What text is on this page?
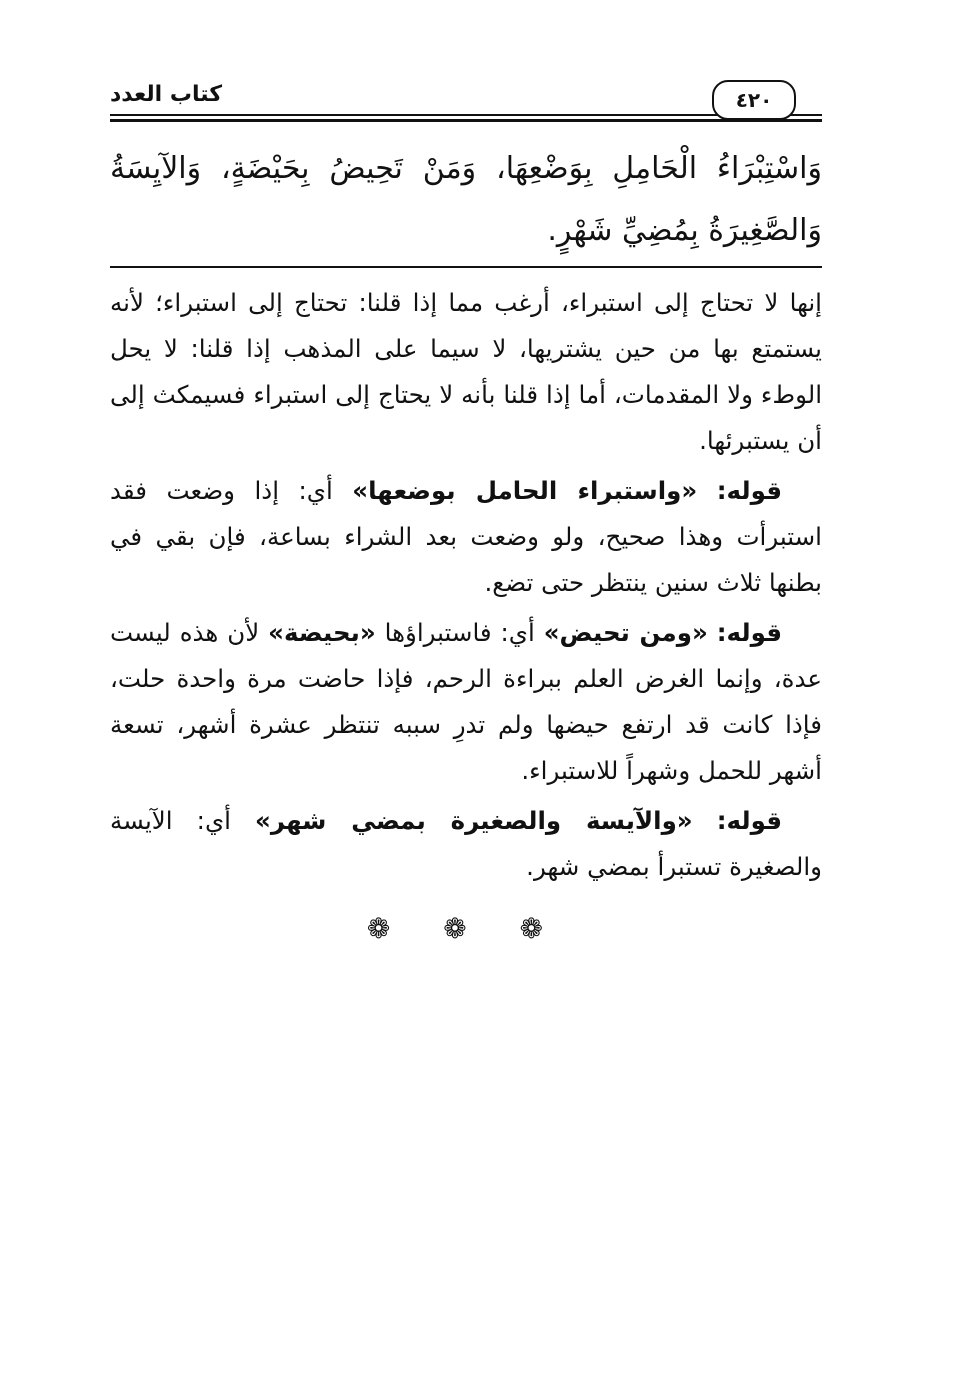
كتاب العدد	٤٢٠
وَاسْتِبْرَاءُ الْحَامِلِ بِوَضْعِهَا، وَمَنْ تَحِيضُ بِحَيْضَةٍ، وَالآيِسَةُ وَالصَّغِيرَةُ بِمُضِيِّ شَهْرٍ.

إنها لا تحتاج إلى استبراء، أرغب مما إذا قلنا: تحتاج إلى استبراء؛ لأنه يستمتع بها من حين يشتريها، لا سيما على المذهب إذا قلنا: لا يحل الوطء ولا المقدمات، أما إذا قلنا بأنه لا يحتاج إلى استبراء فسيمكث إلى أن يستبرئها.

قوله: «واستبراء الحامل بوضعها» أي: إذا وضعت فقد استبرأت وهذا صحيح، ولو وضعت بعد الشراء بساعة، فإن بقي في بطنها ثلاث سنين ينتظر حتى تضع.

قوله: «ومن تحيض» أي: فاستبراؤها «بحيضة» لأن هذه ليست عدة، وإنما الغرض العلم ببراءة الرحم، فإذا حاضت مرة واحدة حلت، فإذا كانت قد ارتفع حيضها ولم تدرِ سببه تنتظر عشرة أشهر، تسعة أشهر للحمل وشهراً للاستبراء.

قوله: «والآيسة والصغيرة بمضي شهر» أي: الآيسة والصغيرة تستبرأ بمضي شهر.

❁ ❁ ❁
